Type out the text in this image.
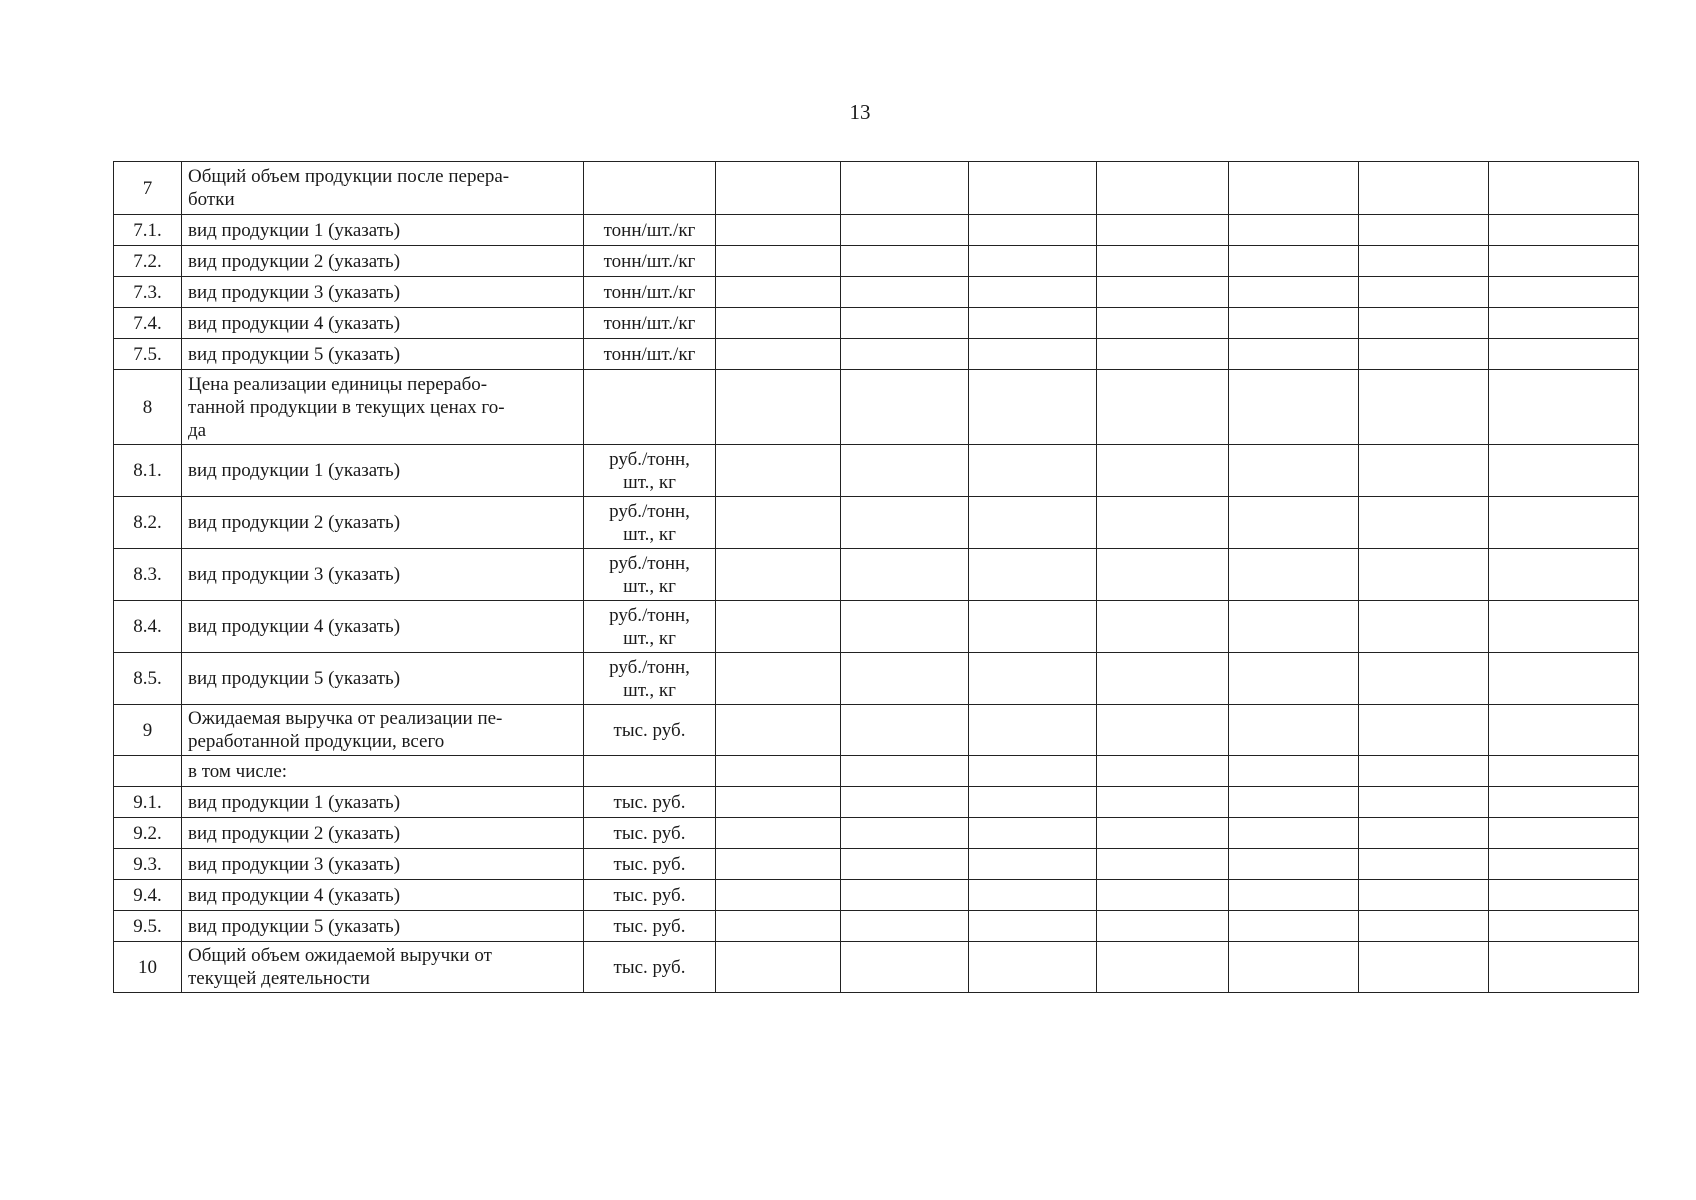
13
7	Общий объем продукции после перера-
ботки								
7.1.	вид продукции 1 (указать)	тонн/шт./кг							
7.2.	вид продукции 2 (указать)	тонн/шт./кг							
7.3.	вид продукции 3 (указать)	тонн/шт./кг							
7.4.	вид продукции 4 (указать)	тонн/шт./кг							
7.5.	вид продукции 5 (указать)	тонн/шт./кг							
8	Цена реализации единицы перерабо-
танной продукции в текущих ценах го-
да								
8.1.	вид продукции 1 (указать)	руб./тонн,
шт., кг							
8.2.	вид продукции 2 (указать)	руб./тонн,
шт., кг							
8.3.	вид продукции 3 (указать)	руб./тонн,
шт., кг							
8.4.	вид продукции 4 (указать)	руб./тонн,
шт., кг							
8.5.	вид продукции 5 (указать)	руб./тонн,
шт., кг							
9	Ожидаемая выручка от реализации пе-
реработанной продукции, всего	тыс. руб.							
	в том числе:								
9.1.	вид продукции 1 (указать)	тыс. руб.							
9.2.	вид продукции 2 (указать)	тыс. руб.							
9.3.	вид продукции 3 (указать)	тыс. руб.							
9.4.	вид продукции 4 (указать)	тыс. руб.							
9.5.	вид продукции 5 (указать)	тыс. руб.							
10	Общий объем ожидаемой выручки от
текущей деятельности	тыс. руб.							
